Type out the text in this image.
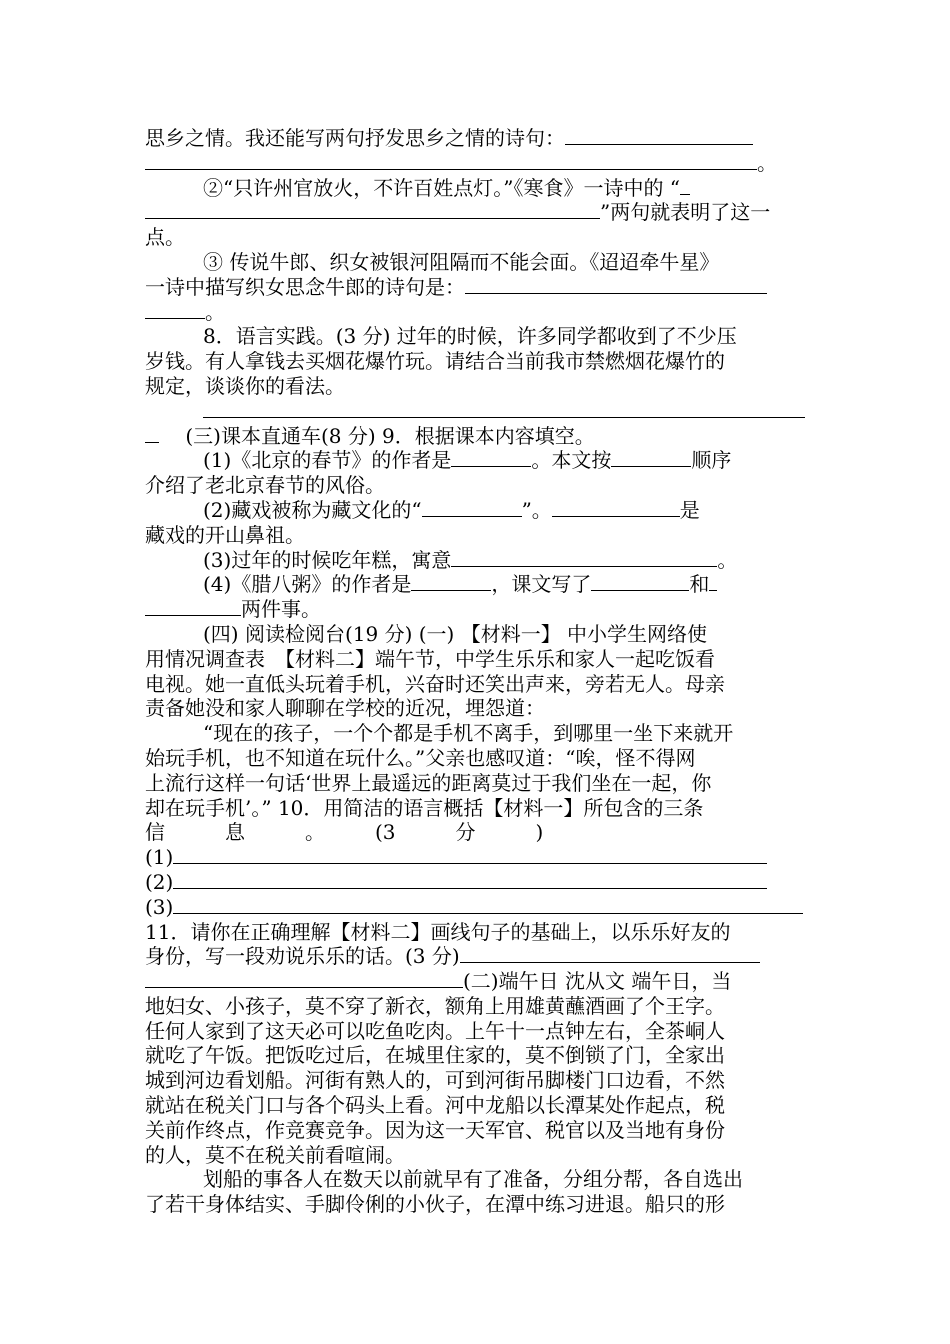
思乡之情。我还能写两句抒发思乡之情的诗句：
。
②“只许州官放火，不许百姓点灯。”《寒食》一诗中的 “
”两句就表明了这一
点。
③ 传说牛郎、织女被银河阻隔而不能会面。《迢迢牵牛星》
一诗中描写织女思念牛郎的诗句是：
。
8．语言实践。(3 分) 过年的时候，许多同学都收到了不少压
岁钱。有人拿钱去买烟花爆竹玩。请结合当前我市禁燃烟花爆竹的
规定，谈谈你的看法。
　 (三)课本直通车(8 分) 9．根据课本内容填空。
(1)《北京的春节》的作者是	。本文按	顺序
介绍了老北京春节的风俗。
(2)藏戏被称为藏文化的“	”。	是
藏戏的开山鼻祖。
(3)过年的时候吃年糕，寓意	。
(4)《腊八粥》的作者是	，课文写了	和
两件事。
(四) 阅读检阅台(19 分) (一) 【材料一】 中小学生网络使
用情况调查表　【材料二】端午节，中学生乐乐和家人一起吃饭看
电视。她一直低头玩着手机，兴奋时还笑出声来，旁若无人。母亲
责备她没和家人聊聊在学校的近况，埋怨道：
“现在的孩子，一个个都是手机不离手，到哪里一坐下来就开
始玩手机，也不知道在玩什么。”父亲也感叹道：“唉，怪不得网
上流行这样一句话‘世界上最遥远的距离莫过于我们坐在一起，你
却在玩手机’。” 10．用简洁的语言概括【材料一】所包含的三条
信　　　息　　　。　　　(3　　　分　　　)
(1)
(2)
(3)
11．请你在正确理解【材料二】画线句子的基础上，以乐乐好友的
身份，写一段劝说乐乐的话。(3 分)
(二)端午日 沈从文 端午日，当
地妇女、小孩子，莫不穿了新衣，额角上用雄黄蘸酒画了个王字。
任何人家到了这天必可以吃鱼吃肉。上午十一点钟左右，全茶峒人
就吃了午饭。把饭吃过后，在城里住家的，莫不倒锁了门，全家出
城到河边看划船。河街有熟人的，可到河街吊脚楼门口边看，不然
就站在税关门口与各个码头上看。河中龙船以长潭某处作起点，税
关前作终点，作竞赛竞争。因为这一天军官、税官以及当地有身份
的人，莫不在税关前看喧闹。
划船的事各人在数天以前就早有了准备，分组分帮，各自选出
了若干身体结实、手脚伶俐的小伙子，在潭中练习进退。船只的形
